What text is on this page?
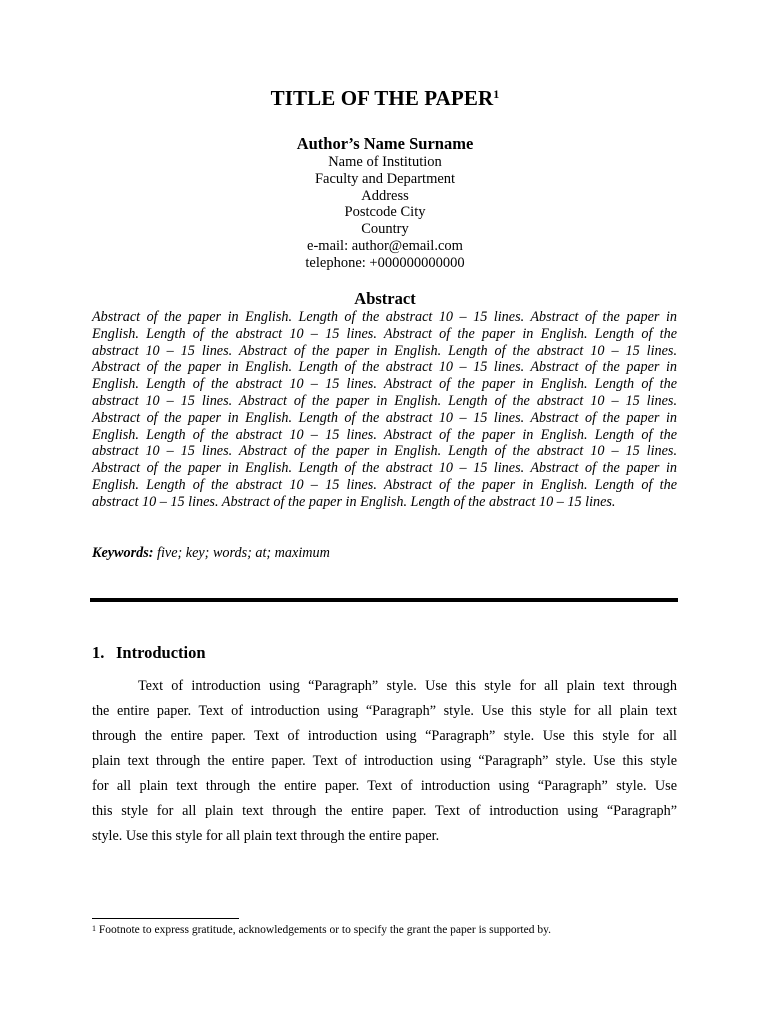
TITLE OF THE PAPER$^1$
Author’s Name Surname
Name of Institution
Faculty and Department
Address
Postcode City
Country
e-mail: author@email.com
telephone: +000000000000
Abstract
Abstract of the paper in English. Length of the abstract 10 – 15 lines. Abstract of the paper in
English. Length of the abstract 10 – 15 lines. Abstract of the paper in English. Length of the
abstract 10 – 15 lines. Abstract of the paper in English. Length of the abstract 10 – 15 lines.
Abstract of the paper in English. Length of the abstract 10 – 15 lines. Abstract of the paper in
English. Length of the abstract 10 – 15 lines. Abstract of the paper in English. Length of the
abstract 10 – 15 lines. Abstract of the paper in English. Length of the abstract 10 – 15 lines.
Abstract of the paper in English. Length of the abstract 10 – 15 lines. Abstract of the paper in
English. Length of the abstract 10 – 15 lines. Abstract of the paper in English. Length of the
abstract 10 – 15 lines. Abstract of the paper in English. Length of the abstract 10 – 15 lines.
Abstract of the paper in English. Length of the abstract 10 – 15 lines. Abstract of the paper in
English. Length of the abstract 10 – 15 lines. Abstract of the paper in English. Length of the
abstract 10 – 15 lines. Abstract of the paper in English. Length of the abstract 10 – 15 lines.
Keywords: five; key; words; at; maximum
1. Introduction
Text of introduction using “Paragraph” style. Use this style for all plain text through
the entire paper. Text of introduction using “Paragraph” style. Use this style for all plain text
through the entire paper. Text of introduction using “Paragraph” style. Use this style for all
plain text through the entire paper. Text of introduction using “Paragraph” style. Use this style
for all plain text through the entire paper. Text of introduction using “Paragraph” style. Use
this style for all plain text through the entire paper. Text of introduction using “Paragraph”
style. Use this style for all plain text through the entire paper.
$^1$ Footnote to express gratitude, acknowledgements or to specify the grant the paper is supported by.
